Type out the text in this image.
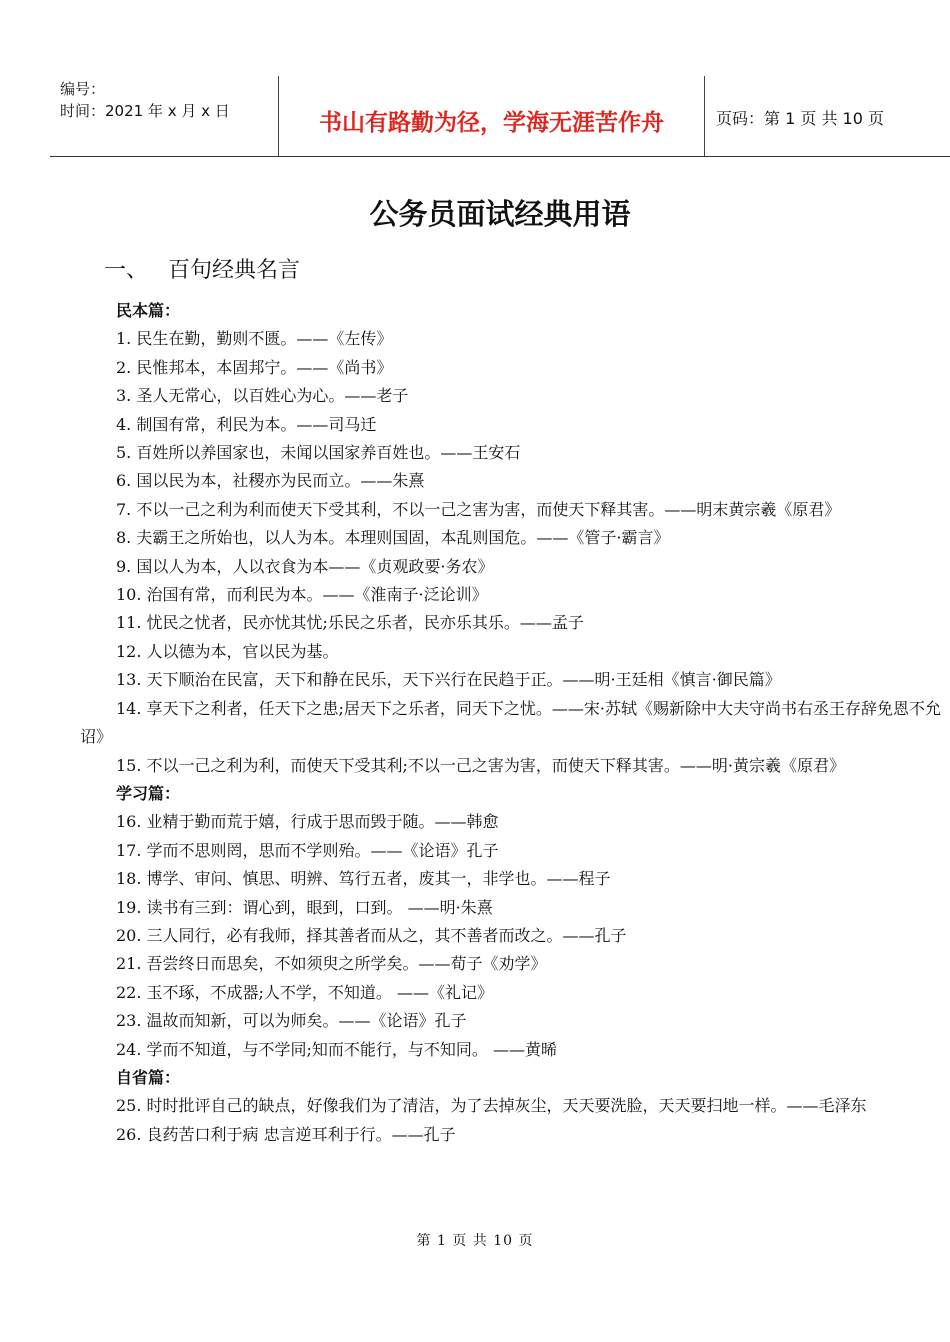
编号：
时间：2021 年 x 月 x 日	书山有路勤为径，学海无涯苦作舟	页码：第 1 页 共 10 页
公务员面试经典用语
一、 百句经典名言

民本篇：

1. 民生在勤，勤则不匮。——《左传》

2. 民惟邦本，本固邦宁。——《尚书》

3. 圣人无常心，以百姓心为心。——老子

4. 制国有常，利民为本。——司马迁

5. 百姓所以养国家也，未闻以国家养百姓也。——王安石

6. 国以民为本，社稷亦为民而立。——朱熹

7. 不以一己之利为利而使天下受其利，不以一己之害为害，而使天下释其害。——明末黄宗羲《原君》

8. 夫霸王之所始也，以人为本。本理则国固，本乱则国危。——《管子·霸言》

9. 国以人为本，人以衣食为本——《贞观政要·务农》

10. 治国有常，而利民为本。——《淮南子·泛论训》

11. 忧民之忧者，民亦忧其忧;乐民之乐者，民亦乐其乐。——孟子

12. 人以德为本，官以民为基。

13. 天下顺治在民富，天下和静在民乐，天下兴行在民趋于正。——明·王廷相《慎言·御民篇》

14. 享天下之利者，任天下之患;居天下之乐者，同天下之忧。——宋·苏轼《赐新除中大夫守尚书右丞王存辞免恩不允诏》

15. 不以一己之利为利，而使天下受其利;不以一己之害为害，而使天下释其害。——明·黄宗羲《原君》

学习篇：

16. 业精于勤而荒于嬉，行成于思而毁于随。——韩愈

17. 学而不思则罔，思而不学则殆。——《论语》孔子

18. 博学、审问、慎思、明辨、笃行五者，废其一，非学也。——程子

19. 读书有三到：谓心到，眼到，口到。 ——明·朱熹

20. 三人同行，必有我师，择其善者而从之，其不善者而改之。——孔子

21. 吾尝终日而思矣，不如须臾之所学矣。——荀子《劝学》

22. 玉不琢，不成器;人不学，不知道。 ——《礼记》

23. 温故而知新，可以为师矣。——《论语》孔子

24. 学而不知道，与不学同;知而不能行，与不知同。 ——黄晞

自省篇：

25. 时时批评自己的缺点，好像我们为了清洁，为了去掉灰尘，天天要洗脸，天天要扫地一样。——毛泽东

26. 良药苦口利于病 忠言逆耳利于行。——孔子

第 1 页 共 10 页
